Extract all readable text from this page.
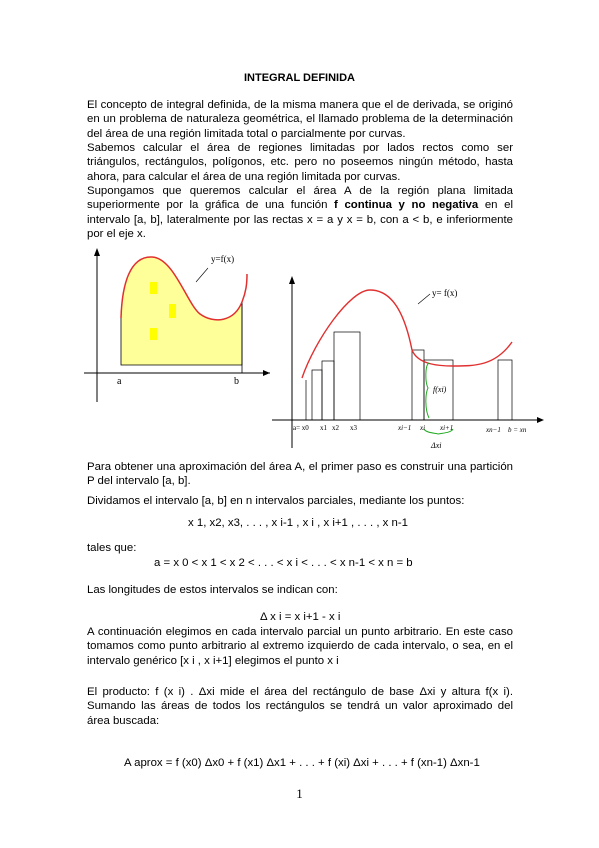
INTEGRAL DEFINIDA
El concepto de integral definida, de la misma manera que el de derivada, se originó en un problema de naturaleza geométrica, el llamado problema de la determinación del área de una región limitada total o parcialmente por curvas.
Sabemos calcular el área de regiones limitadas por lados rectos como ser triángulos, rectángulos, polígonos, etc. pero no poseemos ningún método, hasta ahora, para calcular el área de una región limitada por curvas.
Supongamos que queremos calcular el área A de la región plana limitada superiormente por la gráfica de una función f continua y no negativa en el intervalo [a, b], lateralmente por las rectas x = a y x = b, con a < b, e inferiormente por el eje x.
y=f(x)
a	b
y= f(x)
f(xi)
Δxi
a= x0 x1 x2 x3	xi−1 xi xi+1	xn−1 b = xn
Para obtener una aproximación del área A, el primer paso es construir una partición P del intervalo [a, b].
Dividamos el intervalo [a, b] en n intervalos parciales, mediante los puntos:
x 1, x2, x3, . . . , x i-1 , x i , x i+1 , . . . , x n-1
tales que:
a = x 0 < x 1 < x 2 < . . . < x i < . . . < x n-1 < x n = b
Las longitudes de estos intervalos se indican con:
Δ x i = x i+1 - x i
A continuación elegimos en cada intervalo parcial un punto arbitrario. En este caso tomamos como punto arbitrario al extremo izquierdo de cada intervalo, o sea, en el intervalo genérico [x i , x i+1] elegimos el punto x i
El producto: f (x i) . Δxi mide el área del rectángulo de base Δxi y altura f(x i). Sumando las áreas de todos los rectángulos se tendrá un valor aproximado del área buscada:
A aprox = f (x0) Δx0 + f (x1) Δx1 + . . . + f (xi) Δxi + . . . + f (xn-1) Δxn-1
1
